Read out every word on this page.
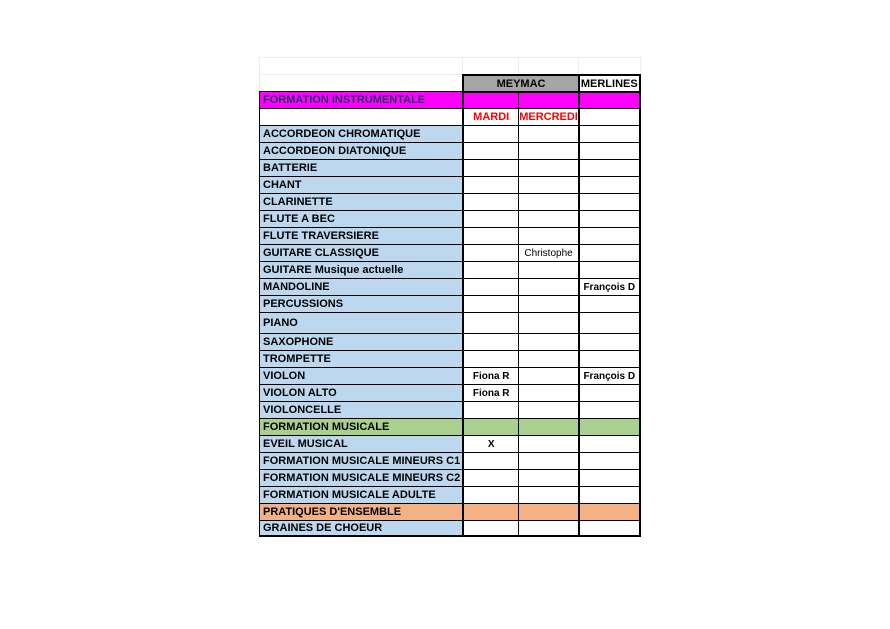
	MEYMAC		MERLINES
FORMATION INSTRUMENTALE			
	MARDI	MERCREDI	
ACCORDEON CHROMATIQUE			
ACCORDEON DIATONIQUE			
BATTERIE			
CHANT			
CLARINETTE			
FLUTE A BEC			
FLUTE TRAVERSIERE			
GUITARE CLASSIQUE		Christophe	
GUITARE Musique actuelle			
MANDOLINE			François D
PERCUSSIONS			
PIANO			
SAXOPHONE			
TROMPETTE			
VIOLON	Fiona R		François D
VIOLON ALTO	Fiona R		
VIOLONCELLE			
FORMATION MUSICALE			
EVEIL MUSICAL	X		
FORMATION MUSICALE MINEURS C1			
FORMATION MUSICALE MINEURS C2			
FORMATION MUSICALE ADULTE			
PRATIQUES D'ENSEMBLE			
GRAINES DE CHOEUR			
